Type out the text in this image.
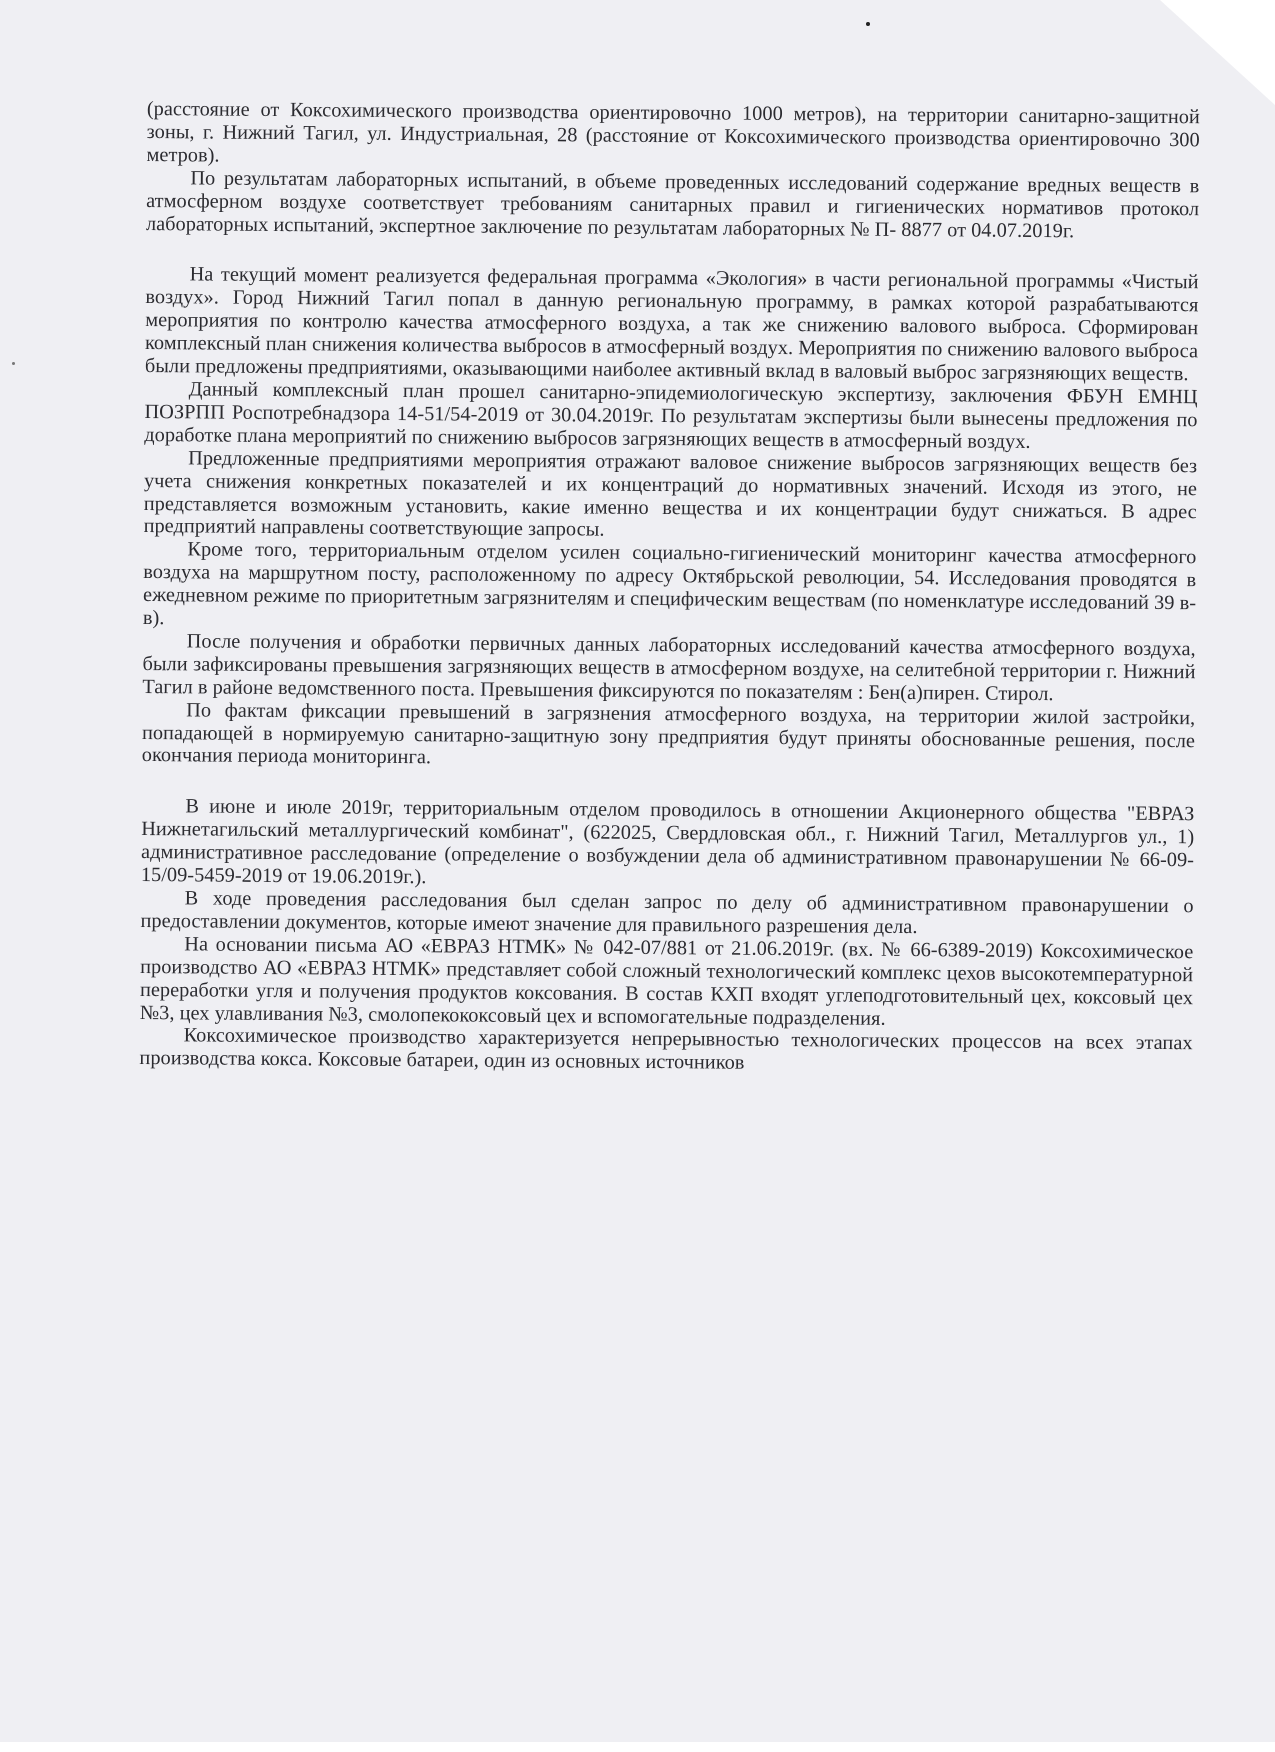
(расстояние от Коксохимического производства ориентировочно 1000 метров), на территории санитарно-защитной зоны, г. Нижний Тагил, ул. Индустриальная, 28 (расстояние от Коксохимического производства ориентировочно 300 метров).

По результатам лабораторных испытаний, в объеме проведенных исследований содержание вредных веществ в атмосферном воздухе соответствует требованиям санитарных правил и гигиенических нормативов протокол лабораторных испытаний, экспертное заключение по результатам лабораторных № П- 8877 от 04.07.2019г.

На текущий момент реализуется федеральная программа «Экология» в части региональной программы «Чистый воздух». Город Нижний Тагил попал в данную региональную программу, в рамках которой разрабатываются мероприятия по контролю качества атмосферного воздуха, а так же снижению валового выброса. Сформирован комплексный план снижения количества выбросов в атмосферный воздух. Мероприятия по снижению валового выброса были предложены предприятиями, оказывающими наиболее активный вклад в валовый выброс загрязняющих веществ.

Данный комплексный план прошел санитарно-эпидемиологическую экспертизу, заключения ФБУН ЕМНЦ ПОЗРПП Роспотребнадзора 14-51/54-2019 от 30.04.2019г. По результатам экспертизы были вынесены предложения по доработке плана мероприятий по снижению выбросов загрязняющих веществ в атмосферный воздух.

Предложенные предприятиями мероприятия отражают валовое снижение выбросов загрязняющих веществ без учета снижения конкретных показателей и их концентраций до нормативных значений. Исходя из этого, не представляется возможным установить, какие именно вещества и их концентрации будут снижаться. В адрес предприятий направлены соответствующие запросы.

Кроме того, территориальным отделом усилен социально-гигиенический мониторинг качества атмосферного воздуха на маршрутном посту, расположенному по адресу Октябрьской революции, 54. Исследования проводятся в ежедневном режиме по приоритетным загрязнителям и специфическим веществам (по номенклатуре исследований 39 в-в).

После получения и обработки первичных данных лабораторных исследований качества атмосферного воздуха, были зафиксированы превышения загрязняющих веществ в атмосферном воздухе, на селитебной территории г. Нижний Тагил в районе ведомственного поста. Превышения фиксируются по показателям : Бен(а)пирен. Стирол.

По фактам фиксации превышений в загрязнения атмосферного воздуха, на территории жилой застройки, попадающей в нормируемую санитарно-защитную зону предприятия будут приняты обоснованные решения, после окончания периода мониторинга.

В июне и июле 2019г, территориальным отделом проводилось в отношении Акционерного общества "ЕВРАЗ Нижнетагильский металлургический комбинат", (622025, Свердловская обл., г. Нижний Тагил, Металлургов ул., 1) административное расследование (определение о возбуждении дела об административном правонарушении № 66-09-15/09-5459-2019 от 19.06.2019г.).

В ходе проведения расследования был сделан запрос по делу об административном правонарушении о предоставлении документов, которые имеют значение для правильного разрешения дела.

На основании письма АО «ЕВРАЗ НТМК» № 042-07/881 от 21.06.2019г. (вх. № 66-6389-2019) Коксохимическое производство АО «ЕВРАЗ НТМК» представляет собой сложный технологический комплекс цехов высокотемпературной переработки угля и получения продуктов коксования. В состав КХП входят углеподготовительный цех, коксовый цех №3, цех улавливания №3, смолопекококсовый цех и вспомогательные подразделения.

Коксохимическое производство характеризуется непрерывностью технологических процессов на всех этапах производства кокса. Коксовые батареи, один из основных источников
